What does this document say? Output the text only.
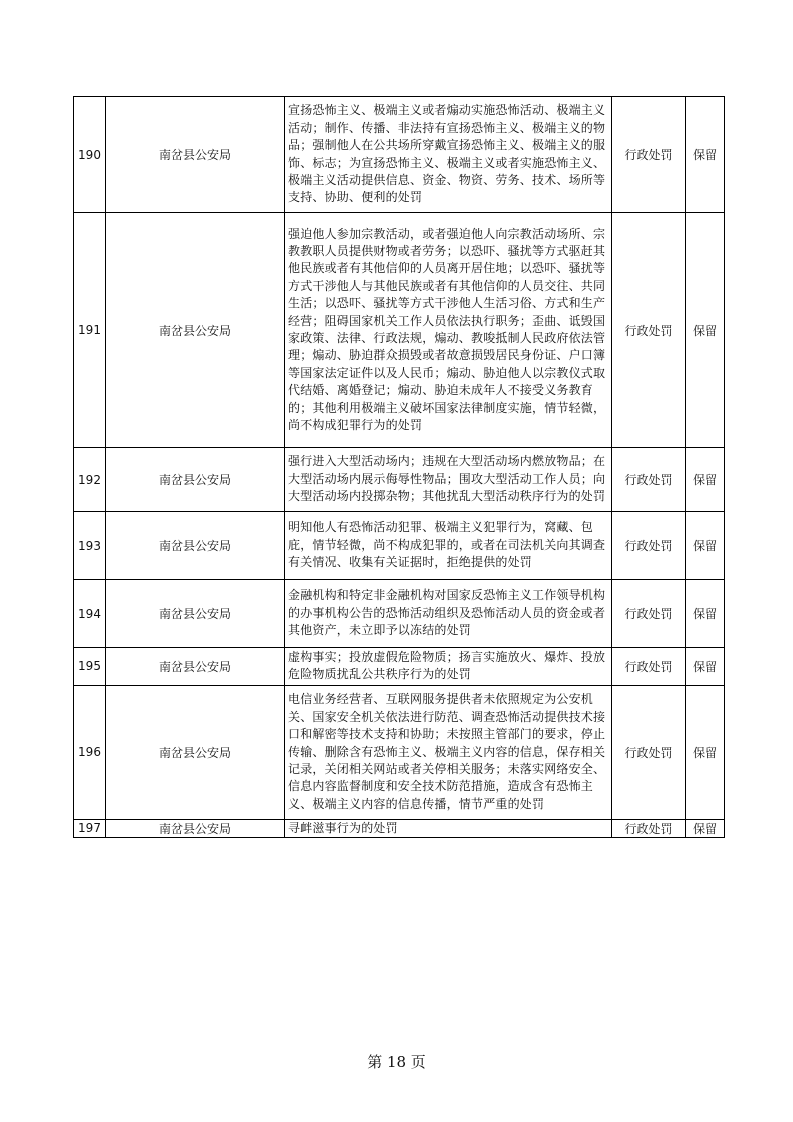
190	南岔县公安局	宣扬恐怖主义、极端主义或者煽动实施恐怖活动、极端主义活动；制作、传播、非法持有宣扬恐怖主义、极端主义的物品；强制他人在公共场所穿戴宣扬恐怖主义、极端主义的服饰、标志；为宣扬恐怖主义、极端主义或者实施恐怖主义、极端主义活动提供信息、资金、物资、劳务、技术、场所等支持、协助、便利的处罚	行政处罚	保留
191	南岔县公安局	强迫他人参加宗教活动，或者强迫他人向宗教活动场所、宗教教职人员提供财物或者劳务；以恐吓、骚扰等方式驱赶其他民族或者有其他信仰的人员离开居住地；以恐吓、骚扰等方式干涉他人与其他民族或者有其他信仰的人员交往、共同生活；以恐吓、骚扰等方式干涉他人生活习俗、方式和生产经营；阻碍国家机关工作人员依法执行职务；歪曲、诋毁国家政策、法律、行政法规，煽动、教唆抵制人民政府依法管理；煽动、胁迫群众损毁或者故意损毁居民身份证、户口簿等国家法定证件以及人民币；煽动、胁迫他人以宗教仪式取代结婚、离婚登记；煽动、胁迫未成年人不接受义务教育的；其他利用极端主义破坏国家法律制度实施，情节轻微，尚不构成犯罪行为的处罚	行政处罚	保留
192	南岔县公安局	强行进入大型活动场内；违规在大型活动场内燃放物品；在大型活动场内展示侮辱性物品；围攻大型活动工作人员；向大型活动场内投掷杂物；其他扰乱大型活动秩序行为的处罚	行政处罚	保留
193	南岔县公安局	明知他人有恐怖活动犯罪、极端主义犯罪行为，窝藏、包庇，情节轻微，尚不构成犯罪的，或者在司法机关向其调查有关情况、收集有关证据时，拒绝提供的处罚	行政处罚	保留
194	南岔县公安局	金融机构和特定非金融机构对国家反恐怖主义工作领导机构的办事机构公告的恐怖活动组织及恐怖活动人员的资金或者其他资产，未立即予以冻结的处罚	行政处罚	保留
195	南岔县公安局	虚构事实；投放虚假危险物质；扬言实施放火、爆炸、投放危险物质扰乱公共秩序行为的处罚	行政处罚	保留
196	南岔县公安局	电信业务经营者、互联网服务提供者未依照规定为公安机关、国家安全机关依法进行防范、调查恐怖活动提供技术接口和解密等技术支持和协助；未按照主管部门的要求，停止传输、删除含有恐怖主义、极端主义内容的信息，保存相关记录，关闭相关网站或者关停相关服务；未落实网络安全、信息内容监督制度和安全技术防范措施，造成含有恐怖主义、极端主义内容的信息传播，情节严重的处罚	行政处罚	保留
197	南岔县公安局	寻衅滋事行为的处罚	行政处罚	保留
第 18 页
